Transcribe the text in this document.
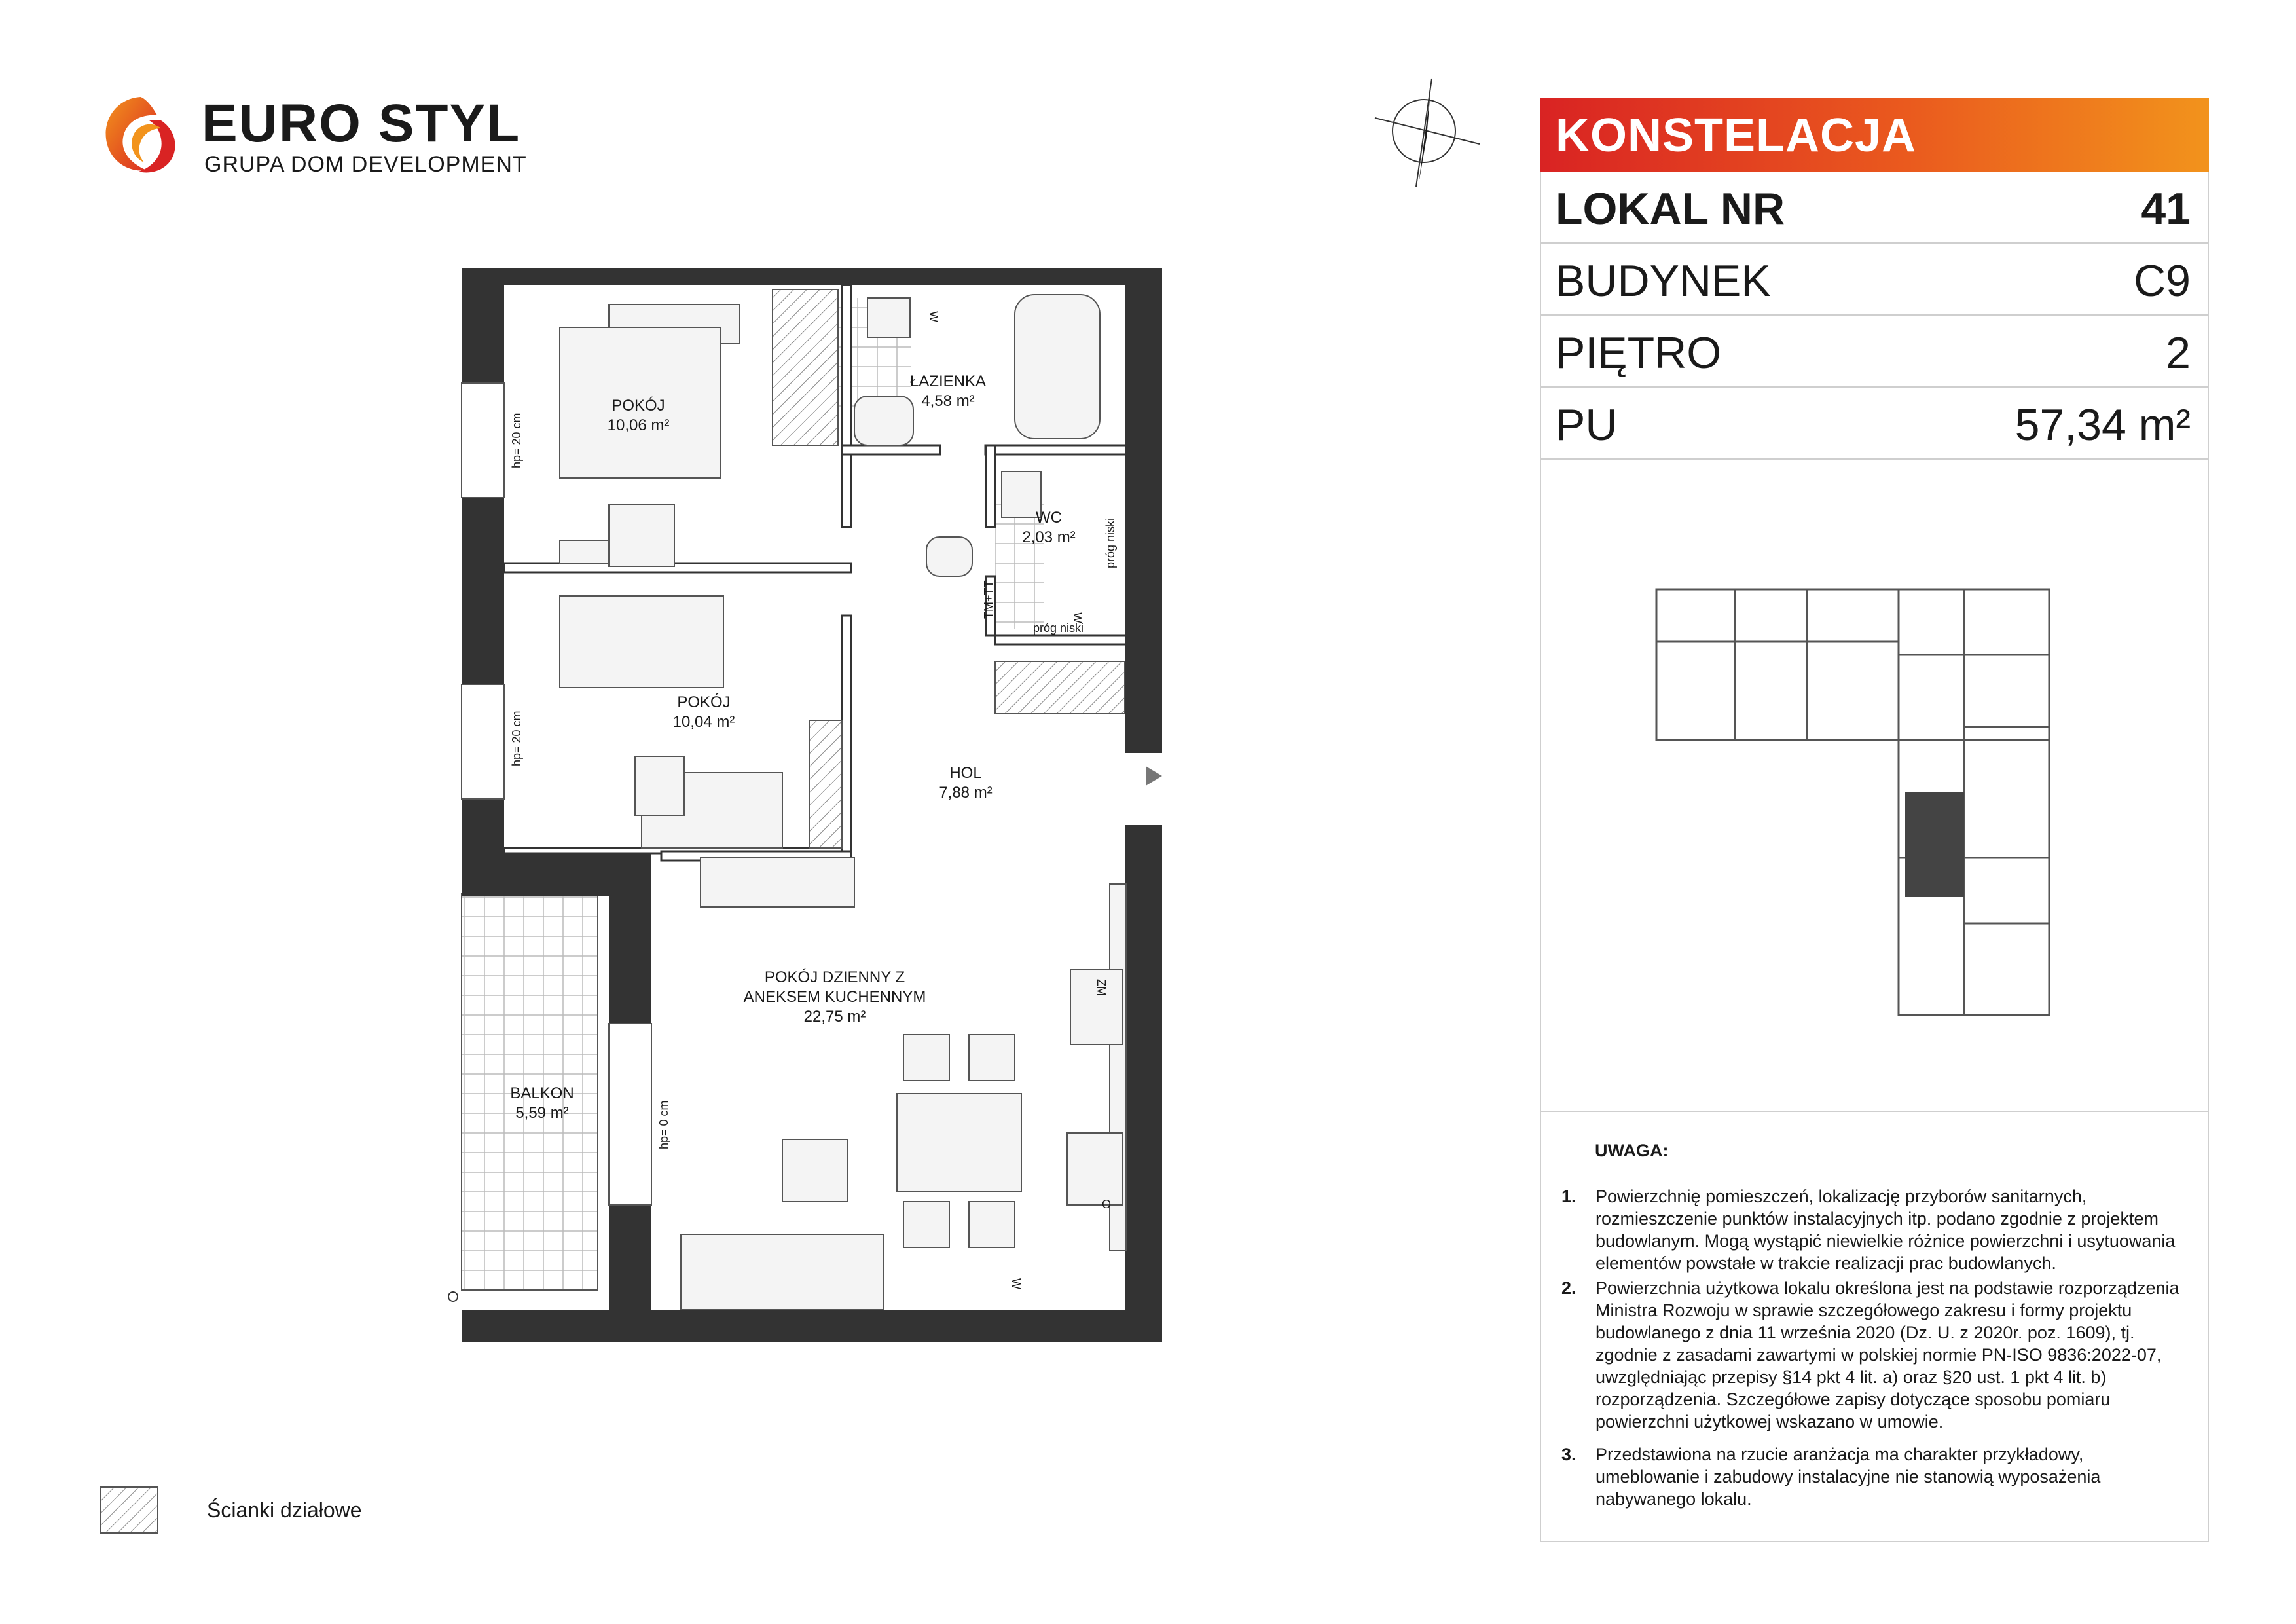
EURO STYL
GRUPA DOM DEVELOPMENT
POKÓJ
10,06 m²
ŁAZIENKA
4,58 m²
WC
2,03 m²
POKÓJ
10,04 m²
HOL
7,88 m²
POKÓJ DZIENNY Z
ANEKSEM KUCHENNYM
22,75 m²
BALKON
5,59 m²
hp= 20 cm
hp= 20 cm
hp= 0 cm
próg niski
próg niski
ZM
TM+TT
W
W
W
O
KONSTELACJA
LOKAL NR	41
BUDYNEK	C9
PIĘTRO	2
PU	57,34 m²
UWAGA:
1. Powierzchnię pomieszczeń, lokalizację przyborów sanitarnych, rozmieszczenie punktów instalacyjnych itp. podano zgodnie z projektem budowlanym. Mogą wystąpić niewielkie różnice powierzchni i usytuowania elementów powstałe w trakcie realizacji prac budowlanych.
2. Powierzchnia użytkowa lokalu określona jest na podstawie rozporządzenia Ministra Rozwoju w sprawie szczegółowego zakresu i formy projektu budowlanego z dnia 11 września 2020 (Dz. U. z 2020r. poz. 1609), tj. zgodnie z zasadami zawartymi w polskiej normie PN-ISO 9836:2022-07, uwzględniając przepisy §14 pkt 4 lit. a) oraz §20 ust. 1 pkt 4 lit. b) rozporządzenia. Szczegółowe zapisy dotyczące sposobu pomiaru powierzchni użytkowej wskazano w umowie.
3. Przedstawiona na rzucie aranżacja ma charakter przykładowy, umeblowanie i zabudowy instalacyjne nie stanowią wyposażenia nabywanego lokalu.
Ścianki działowe
